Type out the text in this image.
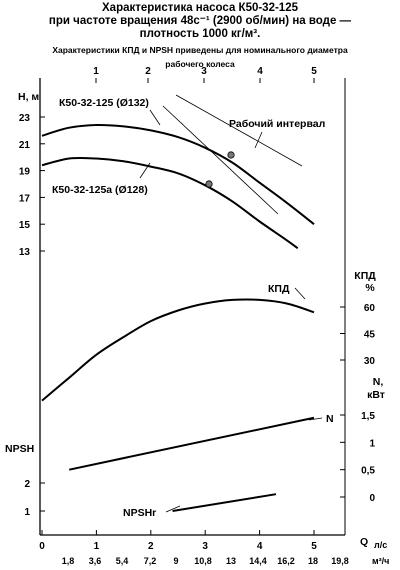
Характеристика насоса К50-32-125
при частоте вращения 48с⁻¹ (2900 об/мин) на воде —
плотность 1000 кг/м³.
Характеристики КПД и NPSH приведены для номинального диаметра
рабочего колеса
1	2	3	4	5
0	1	2	3	4	5
1,8 3,6 5,4 7,2 9 10,8 13 14,4 16,2 18 19,8
23
21
19
17
15
13
60
45
30
1,5
1
0,5
0
2
1
H, м
КПД
%
N,
кВт
NPSH
Q л/с
м³/ч
К50-32-125 (Ø132)
К50-32-125а (Ø128)
Рабочий интервал
КПД
N
NPSHr
